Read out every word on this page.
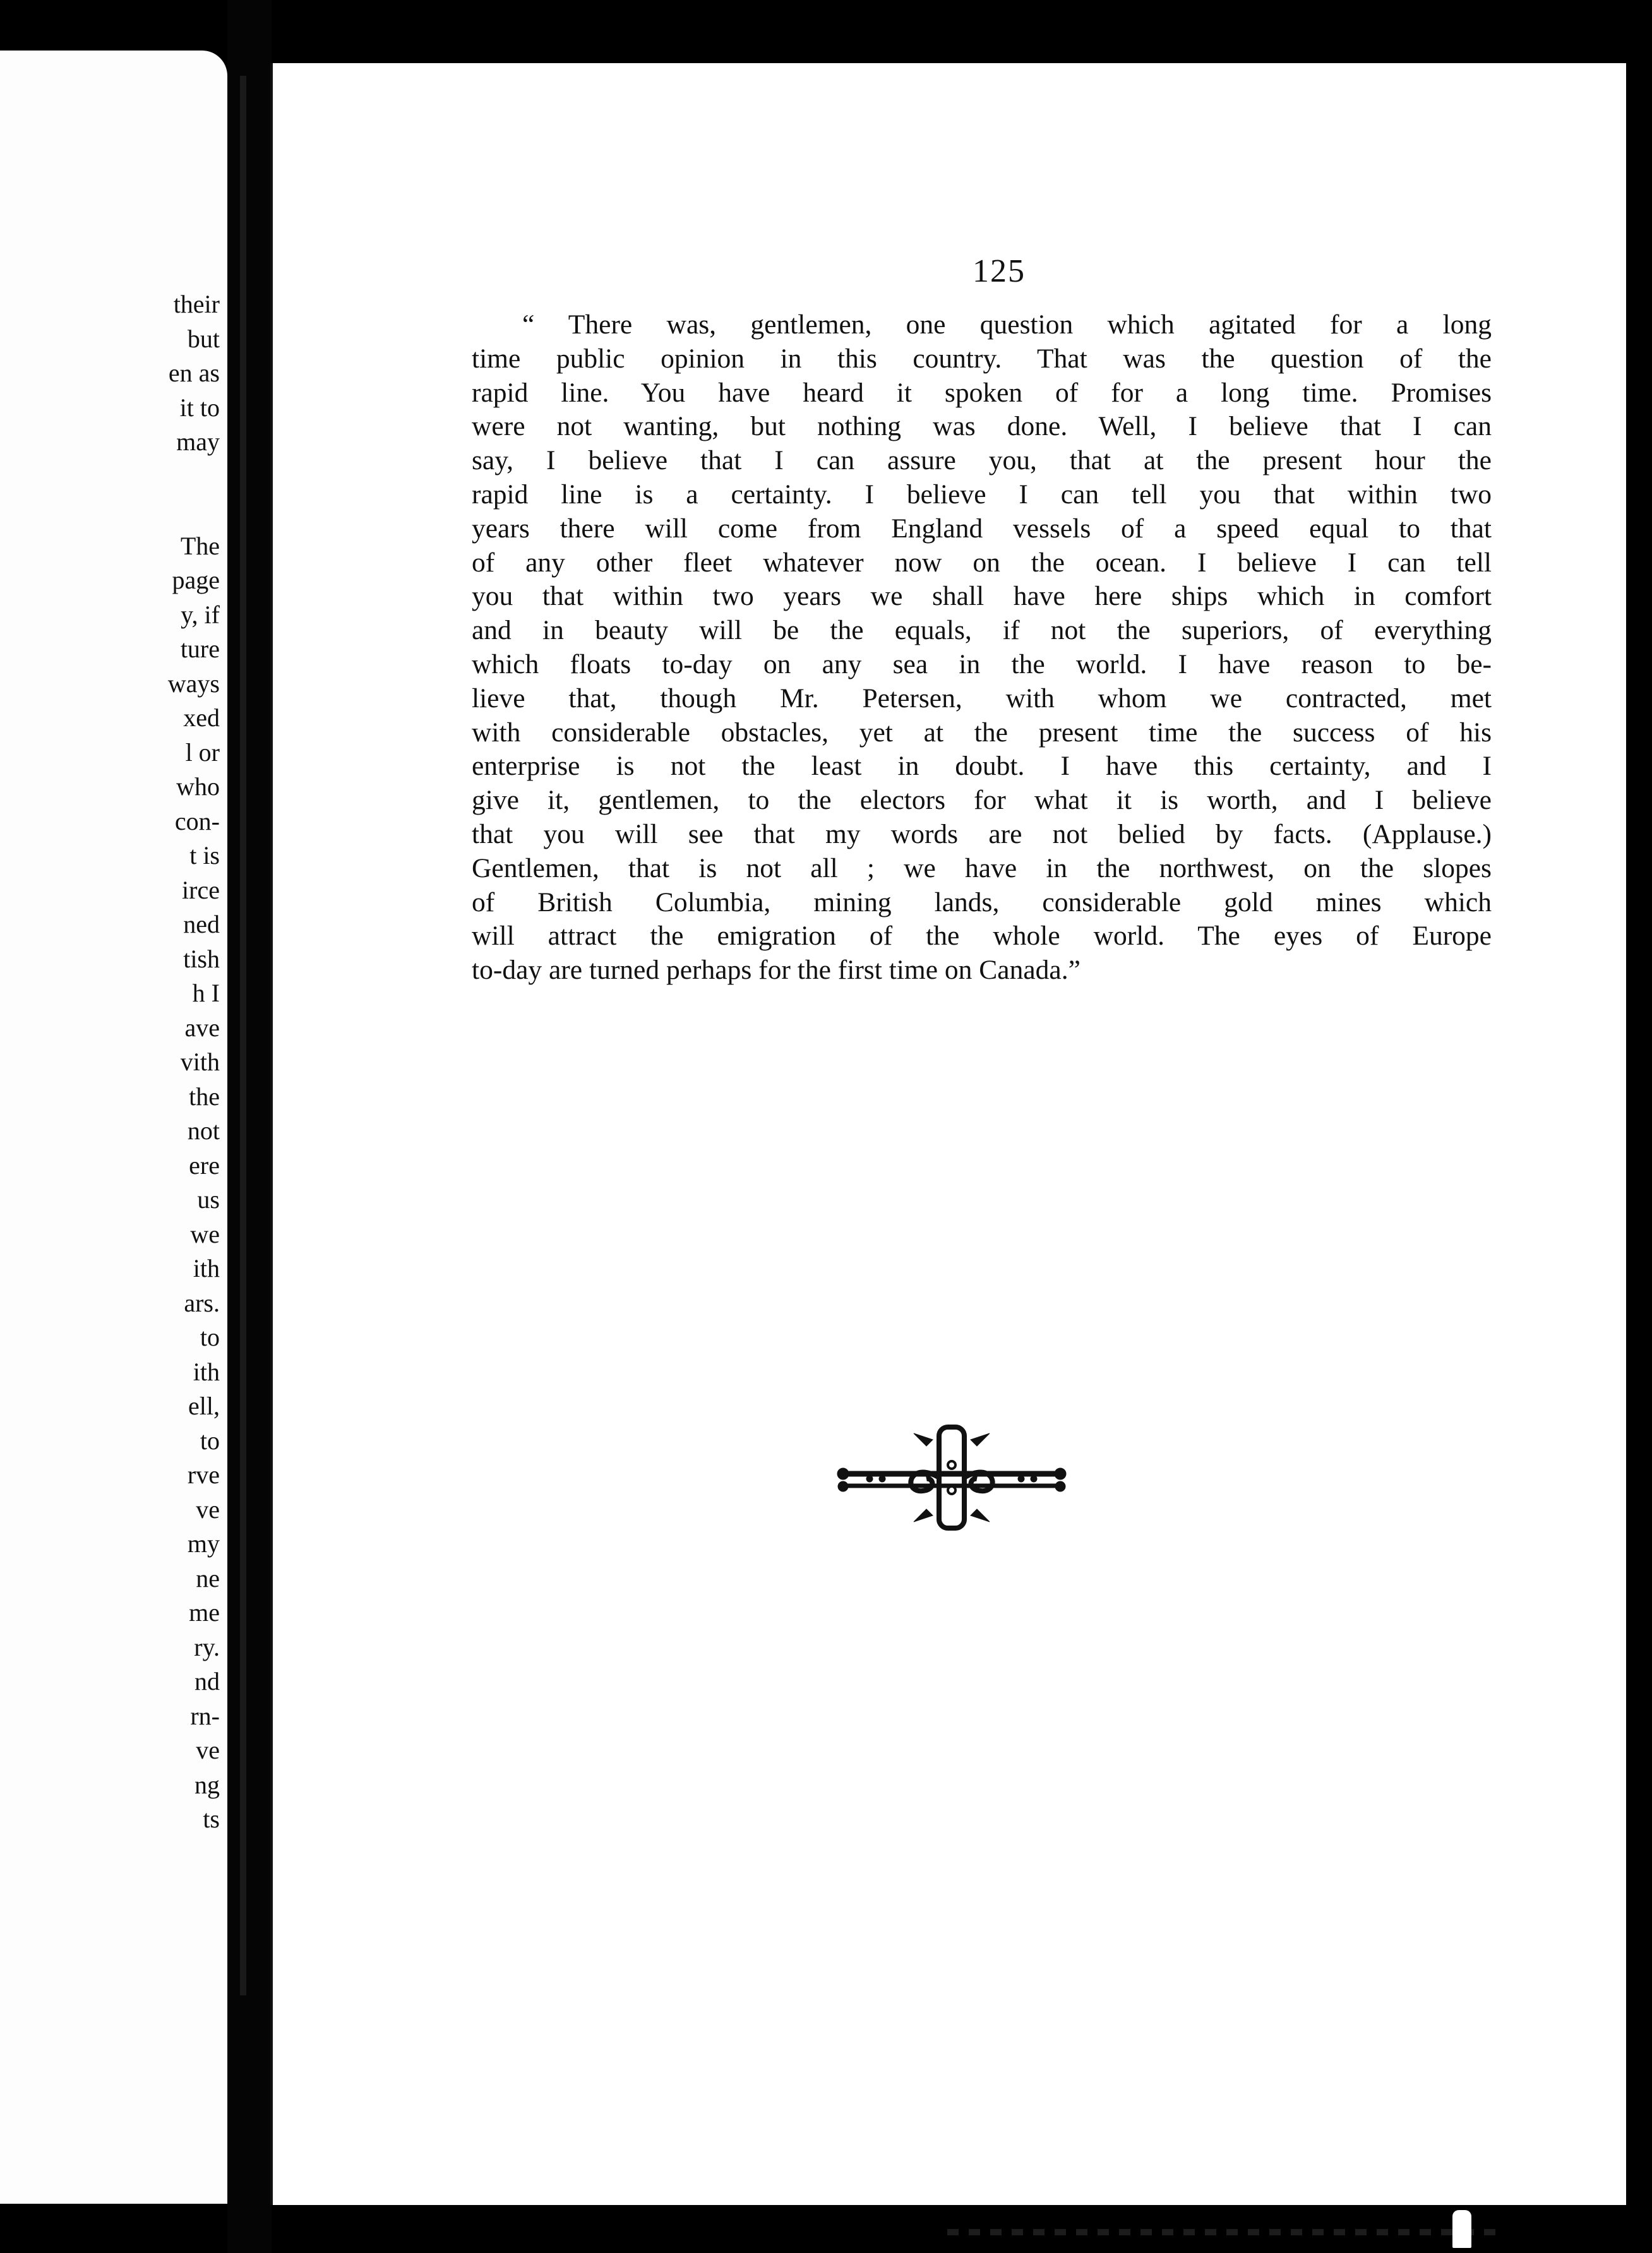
their
but
en as
it to
may
The
page
y, if
ture
ways
xed
l or
who
con-
t is
irce
ned
tish
h I
ave
vith
the
not
ere
us
we
ith
ars.
to
ith
ell,
to
rve
ve
my
ne
me
ry.
nd
rn-
ve
ng
ts
125
“ There was, gentlemen, one question which agitated for a long
time public opinion in this country. That was the question of the
rapid line. You have heard it spoken of for a long time. Promises
were not wanting, but nothing was done. Well, I believe that I can
say, I believe that I can assure you, that at the present hour the
rapid line is a certainty. I believe I can tell you that within two
years there will come from England vessels of a speed equal to that
of any other fleet whatever now on the ocean. I believe I can tell
you that within two years we shall have here ships which in comfort
and in beauty will be the equals, if not the superiors, of everything
which floats to-day on any sea in the world. I have reason to be-
lieve that, though Mr. Petersen, with whom we contracted, met
with considerable obstacles, yet at the present time the success of his
enterprise is not the least in doubt. I have this certainty, and I
give it, gentlemen, to the electors for what it is worth, and I believe
that you will see that my words are not belied by facts. (Applause.)
Gentlemen, that is not all ; we have in the northwest, on the slopes
of British Columbia, mining lands, considerable gold mines which
will attract the emigration of the whole world. The eyes of Europe
to-day are turned perhaps for the first time on Canada.”
